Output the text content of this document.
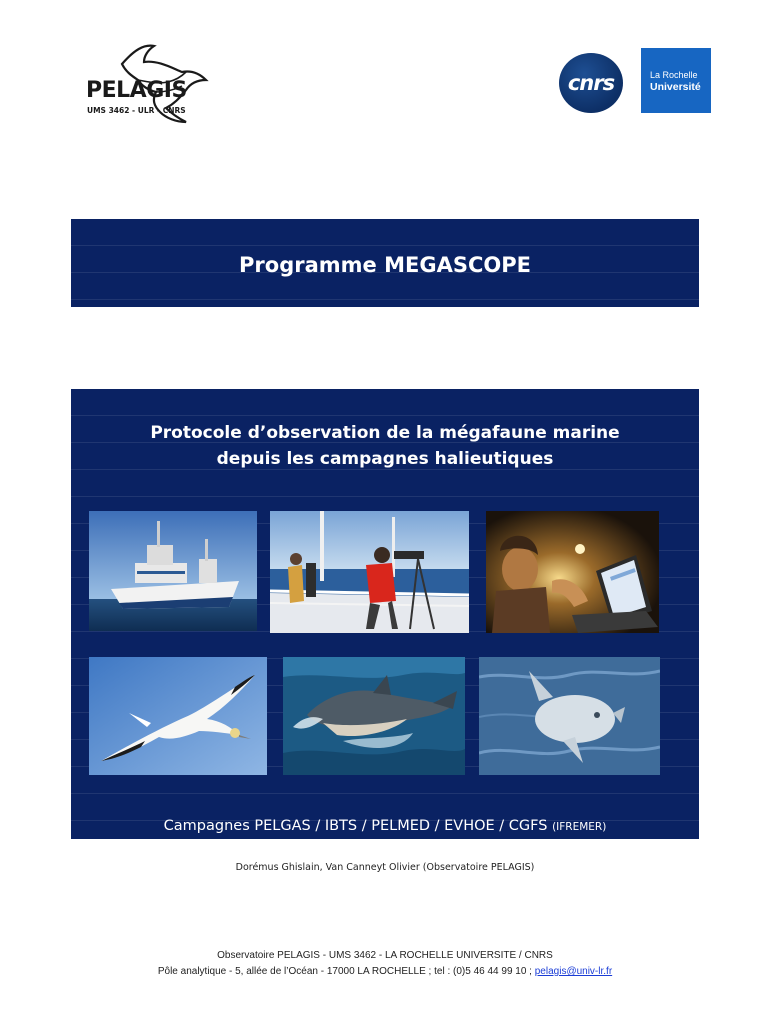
PELAGIS
UMS 3462 - ULR - CNRS
cnrs	La Rochelle
Université
Programme MEGASCOPE
Protocole d’observation de la mégafaune marine
depuis les campagnes halieutiques
Campagnes PELGAS / IBTS / PELMED / EVHOE / CGFS (IFREMER)
Dorémus Ghislain, Van Canneyt Olivier (Observatoire PELAGIS)
Observatoire PELAGIS - UMS 3462 - LA ROCHELLE UNIVERSITE / CNRS
Pôle analytique - 5, allée de l’Océan - 17000 LA ROCHELLE ; tel : (0)5 46 44 99 10 ; pelagis@univ-lr.fr
